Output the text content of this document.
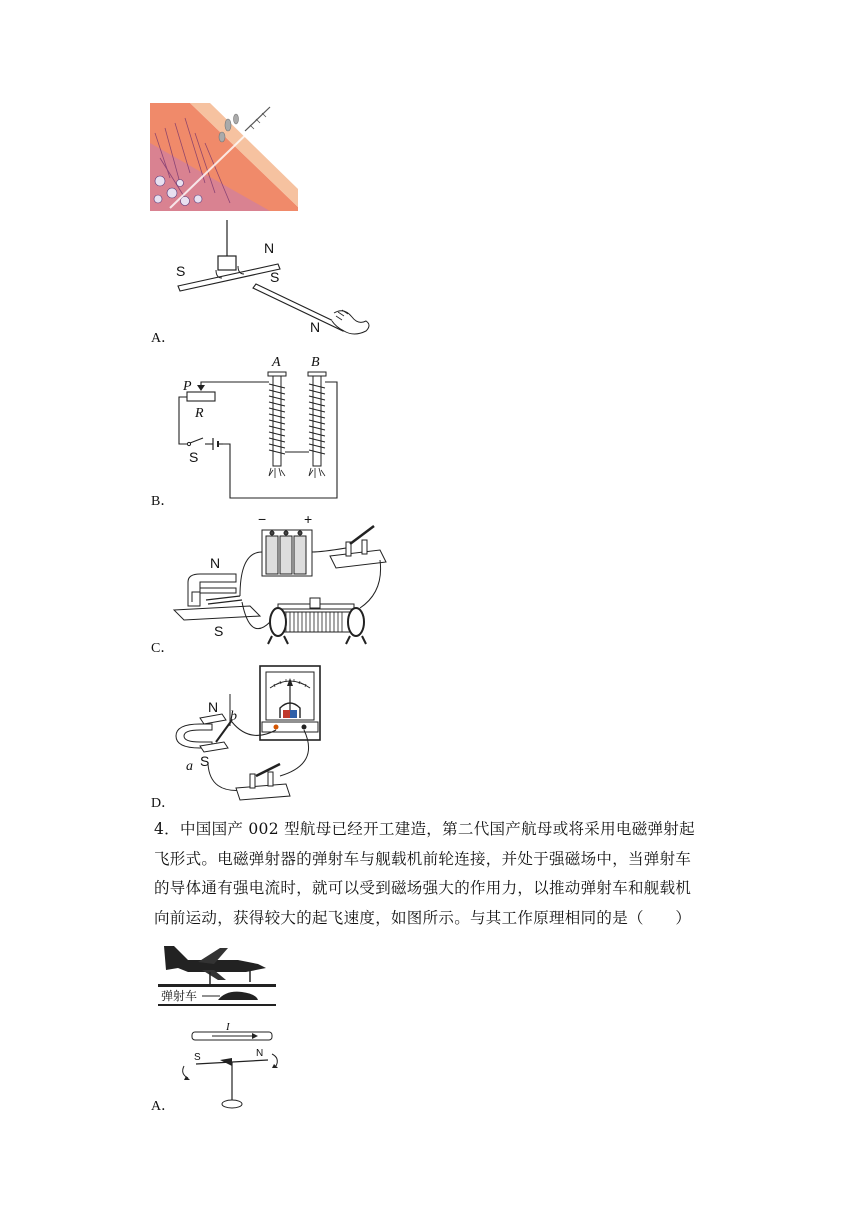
N
S	S
N
A．
A B
P
R
S
B．
−	+
N
S
C．
N
S
a
b
D．
4．中国国产 002 型航母已经开工建造，第二代国产航母或将采用电磁弹射起飞形式。电磁弹射器的弹射车与舰载机前轮连接，并处于强磁场中，当弹射车的导体通有强电流时，就可以受到磁场强大的作用力，以推动弹射车和舰载机向前运动，获得较大的起飞速度，如图所示。与其工作原理相同的是（　　）
弹射车
I
S	N
A．
